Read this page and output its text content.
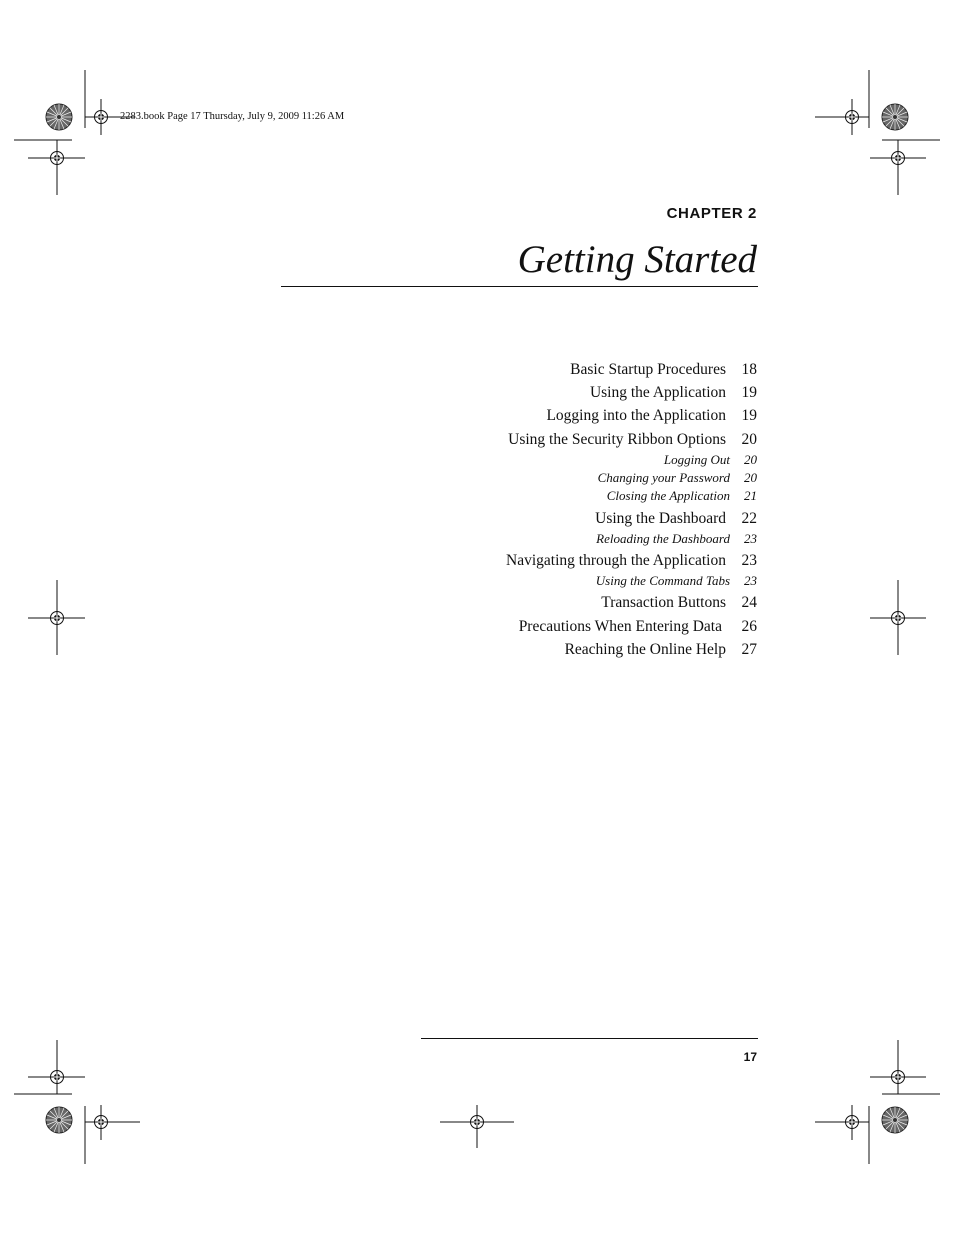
2283.book Page 17 Thursday, July 9, 2009 11:26 AM
CHAPTER 2
Getting Started
Basic Startup Procedures 18
Using the Application 19
Logging into the Application 19
Using the Security Ribbon Options 20
Logging Out 20
Changing your Password 20
Closing the Application 21
Using the Dashboard 22
Reloading the Dashboard 23
Navigating through the Application 23
Using the Command Tabs 23
Transaction Buttons 24
Precautions When Entering Data 26
Reaching the Online Help 27
17
